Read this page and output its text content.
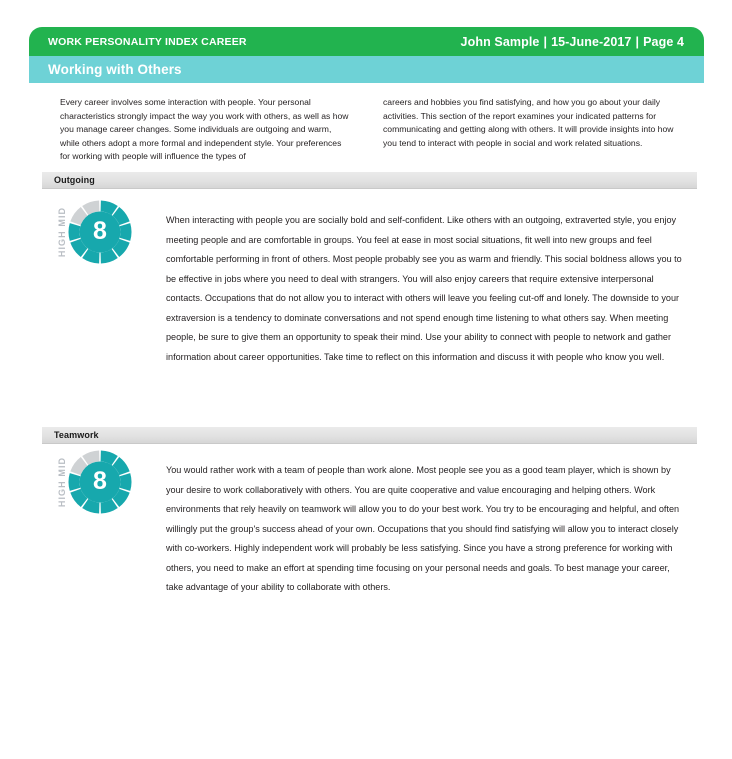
WORK PERSONALITY INDEX CAREER	John Sample | 15-June-2017 | Page 4
Working with Others
Every career involves some interaction with people. Your personal characteristics strongly impact the way you work with others, as well as how you manage career changes. Some individuals are outgoing and warm, while others adopt a more formal and independent style. Your preferences for working with people will influence the types of
careers and hobbies you find satisfying, and how you go about your daily activities. This section of the report examines your indicated patterns for communicating and getting along with others. It will provide insights into how you tend to interact with people in social and work related situations.
Outgoing
HIGH MID	8	When interacting with people you are socially bold and self-confident. Like others with an outgoing, extraverted style, you enjoy meeting people and are comfortable in groups. You feel at ease in most social situations, fit well into new groups and feel comfortable performing in front of others. Most people probably see you as warm and friendly. This social boldness allows you to be effective in jobs where you need to deal with strangers. You will also enjoy careers that require extensive interpersonal contacts. Occupations that do not allow you to interact with others will leave you feeling cut-off and lonely. The downside to your extraversion is a tendency to dominate conversations and not spend enough time listening to what others say. When meeting people, be sure to give them an opportunity to speak their mind. Use your ability to connect with people to network and gather information about career opportunities. Take time to reflect on this information and discuss it with people who know you well.
Teamwork
HIGH MID	8	You would rather work with a team of people than work alone. Most people see you as a good team player, which is shown by your desire to work collaboratively with others. You are quite cooperative and value encouraging and helping others. Work environments that rely heavily on teamwork will allow you to do your best work. You try to be encouraging and helpful, and often willingly put the group's success ahead of your own. Occupations that you should find satisfying will allow you to interact closely with co-workers. Highly independent work will probably be less satisfying. Since you have a strong preference for working with others, you need to make an effort at spending time focusing on your personal needs and goals. To best manage your career, take advantage of your ability to collaborate with others.
